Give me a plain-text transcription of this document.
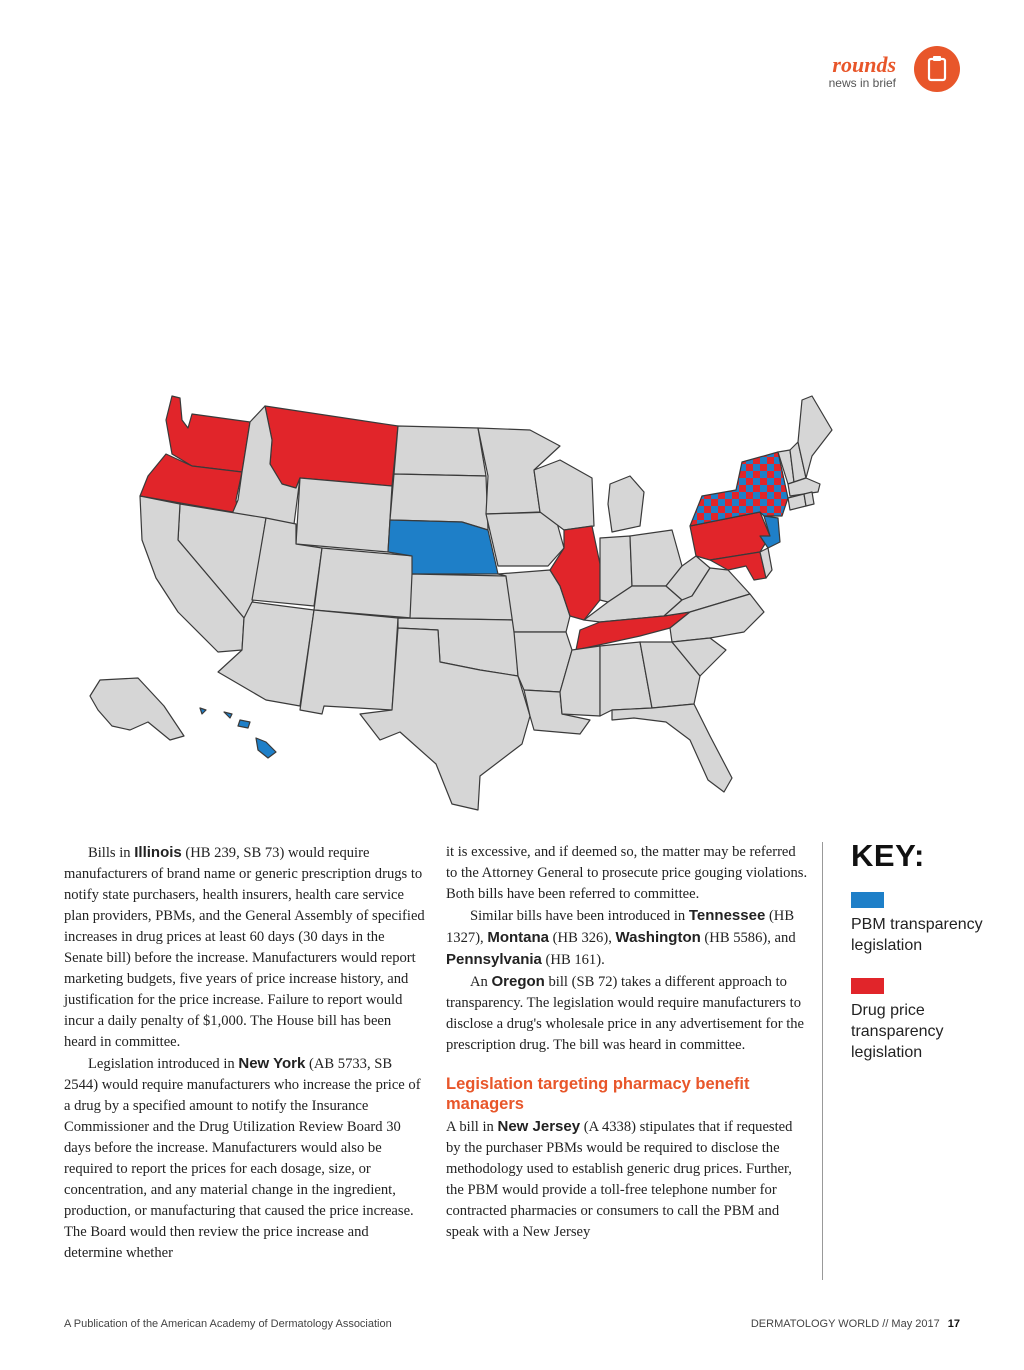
rounds
news in brief

Bills in Illinois (HB 239, SB 73) would require manufacturers of brand name or generic prescription drugs to notify state purchasers, health insurers, health care service plan providers, PBMs, and the General Assembly of specified increases in drug prices at least 60 days (30 days in the Senate bill) before the increase. Manufacturers would report marketing budgets, five years of price increase history, and justification for the price increase. Failure to report would incur a daily penalty of $1,000. The House bill has been heard in committee.

Legislation introduced in New York (AB 5733, SB 2544) would require manufacturers who increase the price of a drug by a specified amount to notify the Insurance Commissioner and the Drug Utilization Review Board 30 days before the increase. Manufacturers would also be required to report the prices for each dosage, size, or concentration, and any material change in the ingredient, production, or manufacturing that caused the price increase. The Board would then review the price increase and determine whether

it is excessive, and if deemed so, the matter may be referred to the Attorney General to prosecute price gouging violations. Both bills have been referred to committee.

Similar bills have been introduced in Tennessee (HB 1327), Montana (HB 326), Washington (HB 5586), and Pennsylvania (HB 161).

An Oregon bill (SB 72) takes a different approach to transparency. The legislation would require manufacturers to disclose a drug's wholesale price in any advertisement for the prescription drug. The bill was heard in committee.

Legislation targeting pharmacy benefit managers

A bill in New Jersey (A 4338) stipulates that if requested by the purchaser PBMs would be required to disclose the methodology used to establish generic drug prices. Further, the PBM would provide a toll-free telephone number for contracted pharmacies or consumers to call the PBM and speak with a New Jersey

KEY:
PBM transparency legislation
Drug price transparency legislation
A Publication of the American Academy of Dermatology Association	DERMATOLOGY WORLD // May 2017 17
